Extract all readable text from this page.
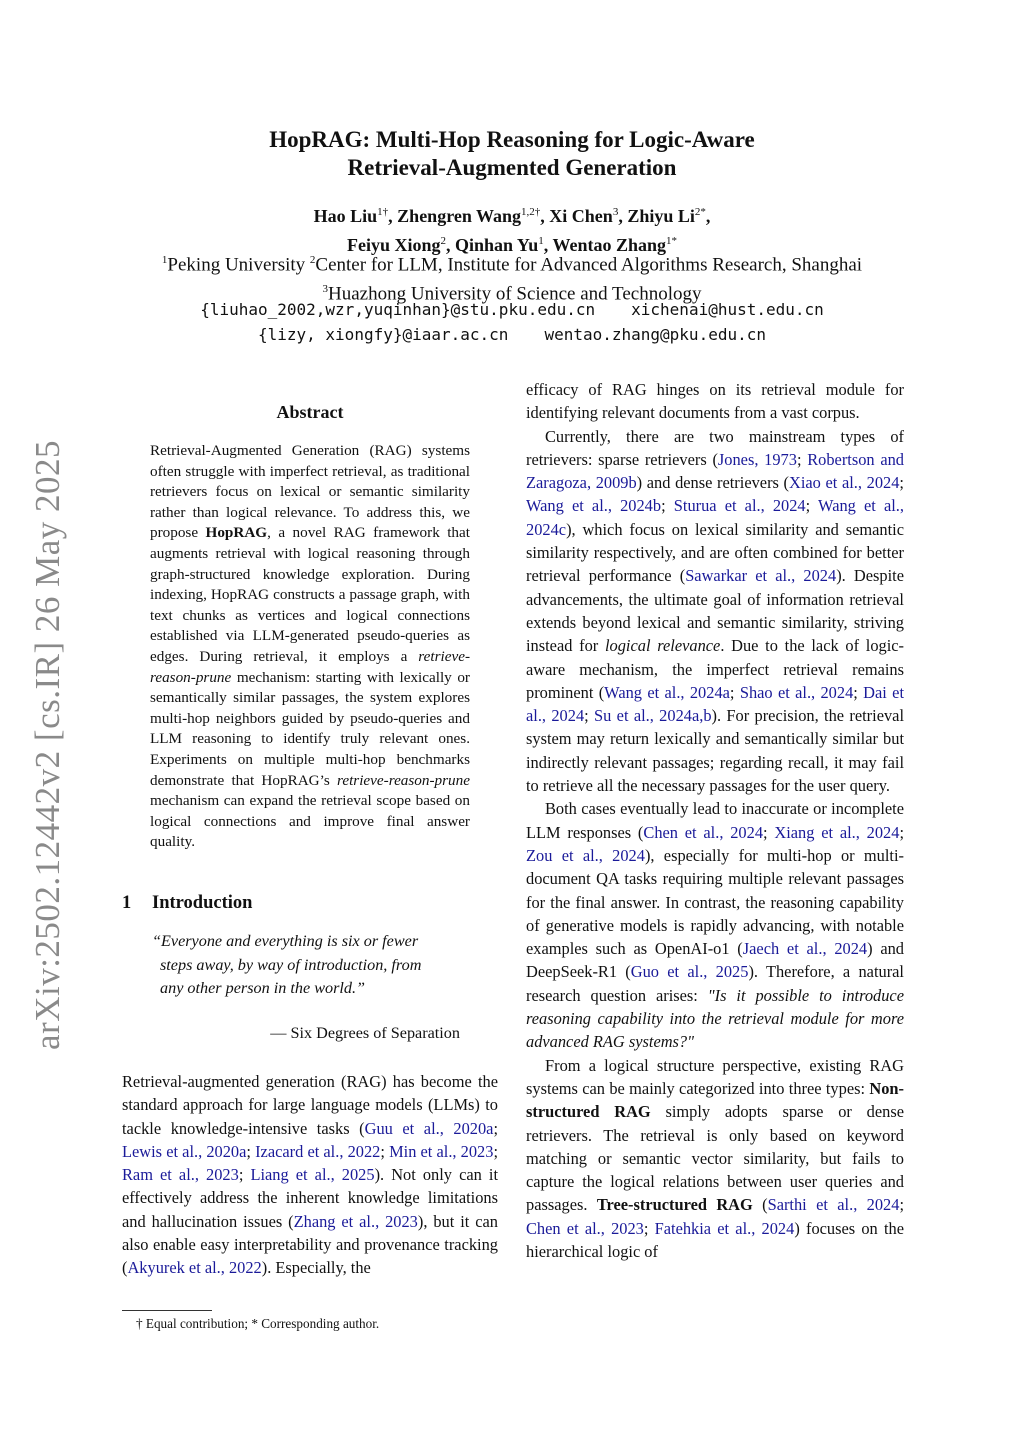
arXiv:2502.12442v2 [cs.IR] 26 May 2025
HopRAG: Multi-Hop Reasoning for Logic-Aware
Retrieval-Augmented Generation
Hao Liu$^{1\dagger}$, Zhengren Wang$^{1,2\dagger}$, Xi Chen$^3$, Zhiyu $Li^{2*}$,
Feiyu Xiong$^2$, Qinhan Yu$^1$, Wentao Zhang$^{1*}$
$^1$Peking University $^2$Center for LLM, Institute for Advanced Algorithms Research, Shanghai
$^3$Huazhong University of Science and Technology
{liuhao_2002,wzr,yuqinhan}@stu.pku.edu.cn xichenai@hust.edu.cn
{lizy, xiongfy}@iaar.ac.cn wentao.zhang@pku.edu.cn
Abstract
Retrieval-Augmented Generation (RAG) systems often struggle with imperfect retrieval, as traditional retrievers focus on lexical or semantic similarity rather than logical relevance. To address this, we propose HopRAG, a novel RAG framework that augments retrieval with logical reasoning through graph-structured knowledge exploration. During indexing, HopRAG constructs a passage graph, with text chunks as vertices and logical connections established via LLM-generated pseudo-queries as edges. During retrieval, it employs a retrieve-reason-prune mechanism: starting with lexically or semantically similar passages, the system explores multi-hop neighbors guided by pseudo-queries and LLM reasoning to identify truly relevant ones. Experiments on multiple multi-hop benchmarks demonstrate that HopRAG’s retrieve-reason-prune mechanism can expand the retrieval scope based on logical connections and improve final answer quality.
1 Introduction
“Everyone and everything is six or fewer
steps away, by way of introduction, from
any other person in the world.”
— Six Degrees of Separation
Retrieval-augmented generation (RAG) has become the standard approach for large language models (LLMs) to tackle knowledge-intensive tasks (Guu et al., 2020a; Lewis et al., 2020a; Izacard et al., 2022; Min et al., 2023; Ram et al., 2023; Liang et al., 2025). Not only can it effectively address the inherent knowledge limitations and hallucination issues (Zhang et al., 2023), but it can also enable easy interpretability and provenance tracking (Akyurek et al., 2022). Especially, the
† Equal contribution; * Corresponding author.

efficacy of RAG hinges on its retrieval module for identifying relevant documents from a vast corpus.

Currently, there are two mainstream types of retrievers: sparse retrievers (Jones, 1973; Robertson and Zaragoza, 2009b) and dense retrievers (Xiao et al., 2024; Wang et al., 2024b; Sturua et al., 2024; Wang et al., 2024c), which focus on lexical similarity and semantic similarity respectively, and are often combined for better retrieval performance (Sawarkar et al., 2024). Despite advancements, the ultimate goal of information retrieval extends beyond lexical and semantic similarity, striving instead for logical relevance. Due to the lack of logic-aware mechanism, the imperfect retrieval remains prominent (Wang et al., 2024a; Shao et al., 2024; Dai et al., 2024; Su et al., 2024a,b). For precision, the retrieval system may return lexically and semantically similar but indirectly relevant passages; regarding recall, it may fail to retrieve all the necessary passages for the user query.

Both cases eventually lead to inaccurate or incomplete LLM responses (Chen et al., 2024; Xiang et al., 2024; Zou et al., 2024), especially for multi-hop or multi-document QA tasks requiring multiple relevant passages for the final answer. In contrast, the reasoning capability of generative models is rapidly advancing, with notable examples such as OpenAI-o1 (Jaech et al., 2024) and DeepSeek-R1 (Guo et al., 2025). Therefore, a natural research question arises: "Is it possible to introduce reasoning capability into the retrieval module for more advanced RAG systems?"

From a logical structure perspective, existing RAG systems can be mainly categorized into three types: Non-structured RAG simply adopts sparse or dense retrievers. The retrieval is only based on keyword matching or semantic vector similarity, but fails to capture the logical relations between user queries and passages. Tree-structured RAG (Sarthi et al., 2024; Chen et al., 2023; Fatehkia et al., 2024) focuses on the hierarchical logic of
